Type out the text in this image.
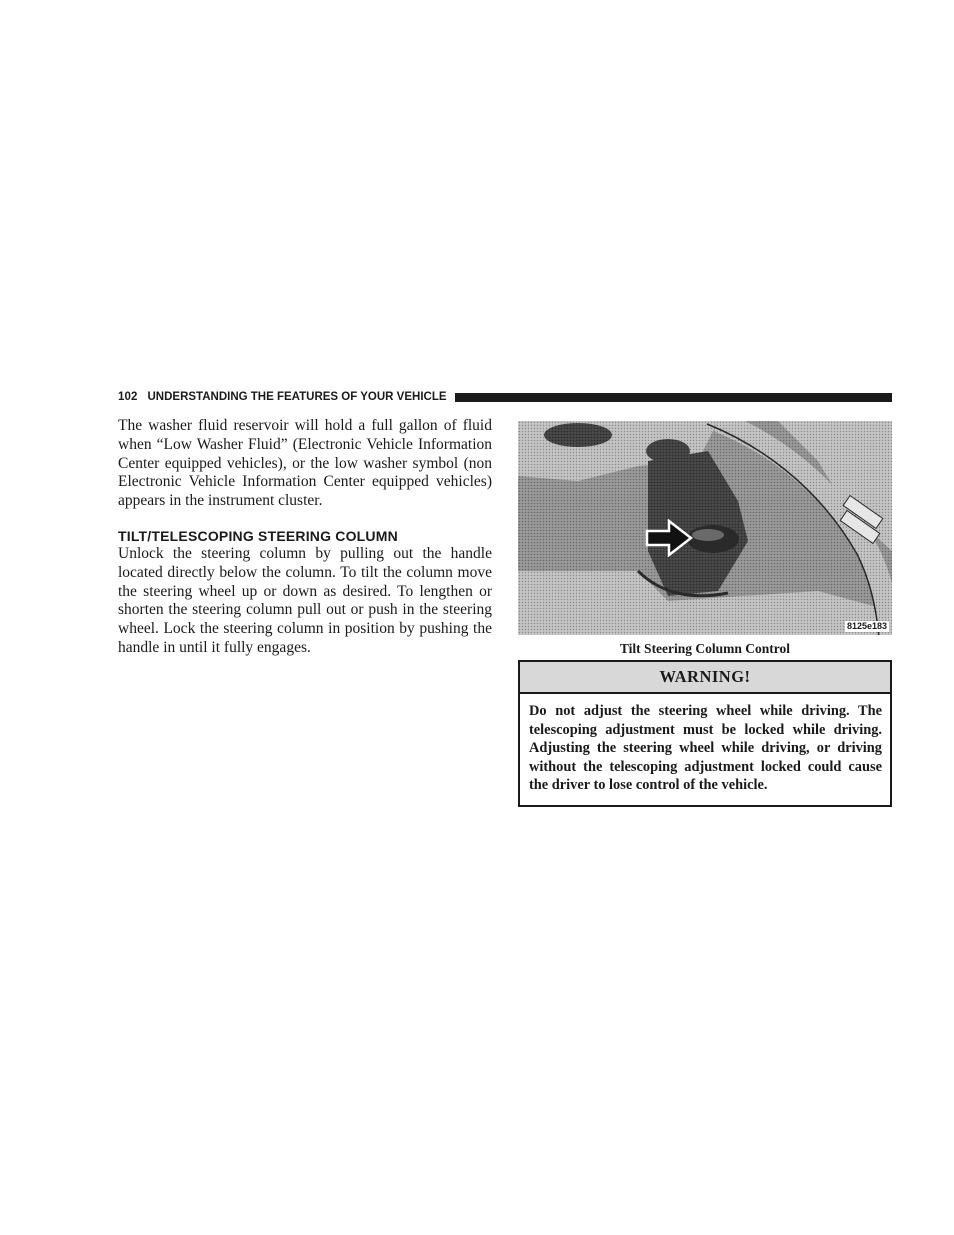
102 UNDERSTANDING THE FEATURES OF YOUR VEHICLE

The washer fluid reservoir will hold a full gallon of fluid when “Low Washer Fluid” (Electronic Vehicle Information Center equipped vehicles), or the low washer symbol (non Electronic Vehicle Information Center equipped vehicles) appears in the instrument cluster.

TILT/TELESCOPING STEERING COLUMN

Unlock the steering column by pulling out the handle located directly below the column. To tilt the column move the steering wheel up or down as desired. To lengthen or shorten the steering column pull out or push in the steering wheel. Lock the steering column in position by pushing the handle in until it fully engages.

8125e183
Tilt Steering Column Control
WARNING!
Do not adjust the steering wheel while driving. The telescoping adjustment must be locked while driving. Adjusting the steering wheel while driving, or driving without the telescoping adjustment locked could cause the driver to lose control of the vehicle.
